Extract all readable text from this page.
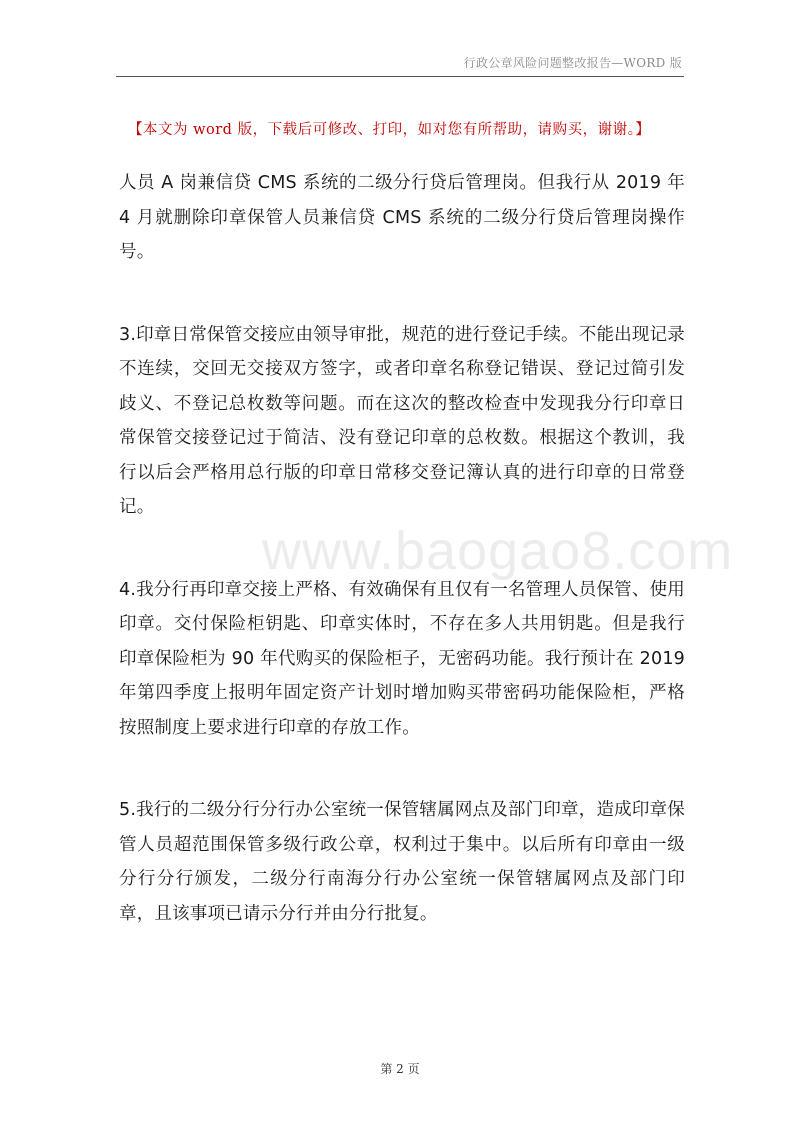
行政公章风险问题整改报告—WORD 版
【本文为 word 版，下载后可修改、打印，如对您有所帮助，请购买，谢谢。】

人员 A 岗兼信贷 CMS 系统的二级分行贷后管理岗。但我行从 2019 年 4 月就删除印章保管人员兼信贷 CMS 系统的二级分行贷后管理岗操作号。

3.印章日常保管交接应由领导审批，规范的进行登记手续。不能出现记录不连续，交回无交接双方签字，或者印章名称登记错误、登记过简引发歧义、不登记总枚数等问题。而在这次的整改检查中发现我分行印章日常保管交接登记过于简洁、没有登记印章的总枚数。根据这个教训，我行以后会严格用总行版的印章日常移交登记簿认真的进行印章的日常登记。

4.我分行再印章交接上严格、有效确保有且仅有一名管理人员保管、使用印章。交付保险柜钥匙、印章实体时，不存在多人共用钥匙。但是我行印章保险柜为 90 年代购买的保险柜子，无密码功能。我行预计在 2019 年第四季度上报明年固定资产计划时增加购买带密码功能保险柜，严格按照制度上要求进行印章的存放工作。

5.我行的二级分行分行办公室统一保管辖属网点及部门印章，造成印章保管人员超范围保管多级行政公章，权利过于集中。以后所有印章由一级分行分行颁发，二级分行南海分行办公室统一保管辖属网点及部门印章，且该事项已请示分行并由分行批复。

www.baogao8.com
第 2 页
